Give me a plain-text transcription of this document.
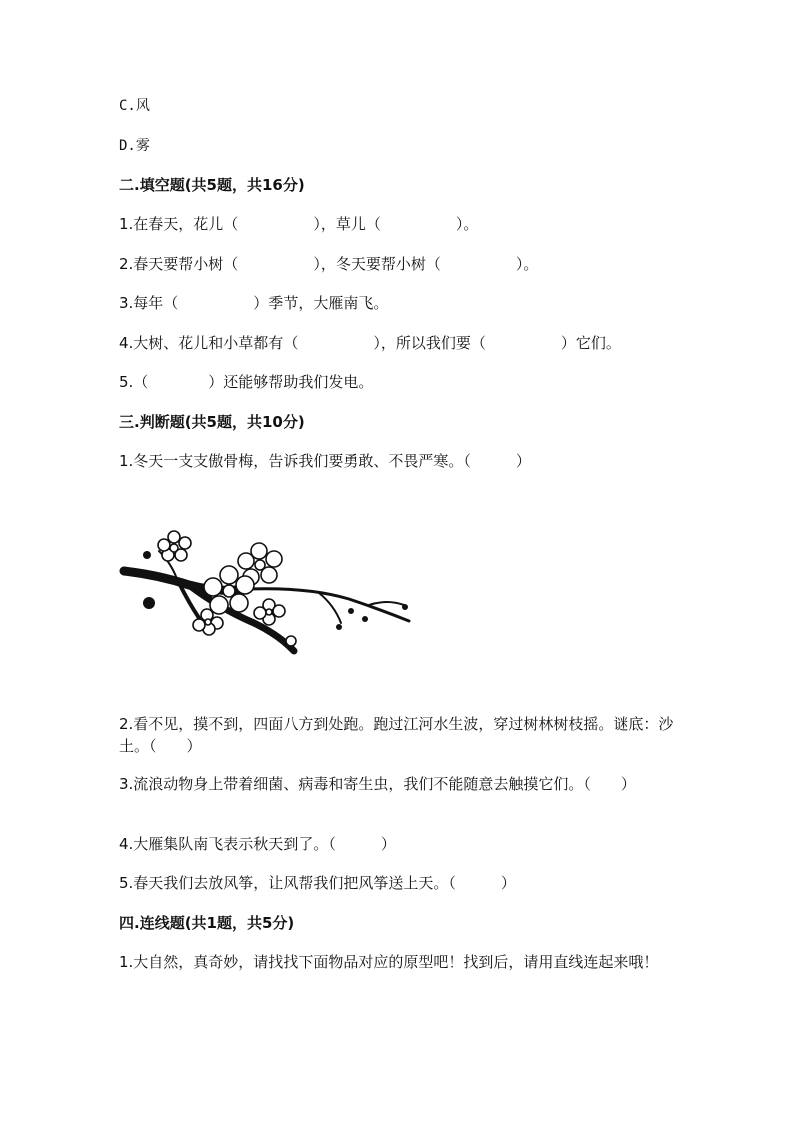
C.风
D.雾
二.填空题(共5题，共16分)
1.在春天，花儿（　　　　　），草儿（　　　　　）。
2.春天要帮小树（　　　　　），冬天要帮小树（　　　　　）。
3.每年（　　　　　）季节，大雁南飞。
4.大树、花儿和小草都有（　　　　　），所以我们要（　　　　　）它们。
5.（　　　　）还能够帮助我们发电。
三.判断题(共5题，共10分)
1.冬天一支支傲骨梅，告诉我们要勇敢、不畏严寒。（　　　）
2.看不见，摸不到，四面八方到处跑。跑过江河水生波，穿过树林树枝摇。谜底：沙土。（　　）
3.流浪动物身上带着细菌、病毒和寄生虫，我们不能随意去触摸它们。（　　）
4.大雁集队南飞表示秋天到了。（　　　）
5.春天我们去放风筝，让风帮我们把风筝送上天。（　　　）
四.连线题(共1题，共5分)
1.大自然，真奇妙，请找找下面物品对应的原型吧！找到后，请用直线连起来哦！
